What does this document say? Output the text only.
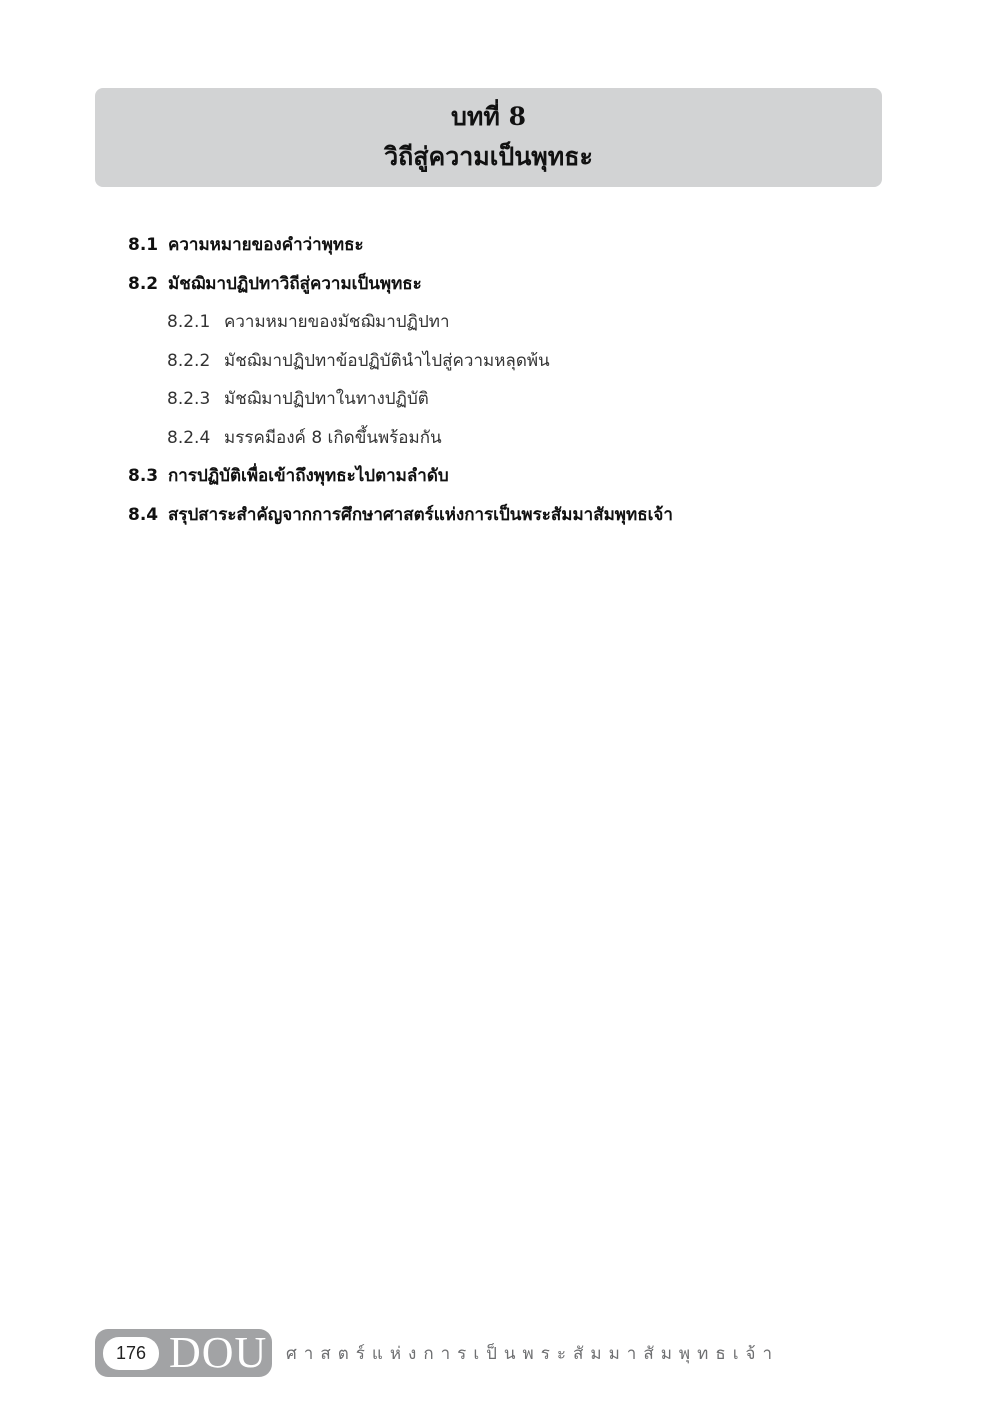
บทที่ 8
วิถีสู่ความเป็นพุทธะ
8.1 ความหมายของคำว่าพุทธะ
8.2 มัชฌิมาปฏิปทาวิถีสู่ความเป็นพุทธะ
8.2.1 ความหมายของมัชฌิมาปฏิปทา
8.2.2 มัชฌิมาปฏิปทาข้อปฏิบัตินำไปสู่ความหลุดพ้น
8.2.3 มัชฌิมาปฏิปทาในทางปฏิบัติ
8.2.4 มรรคมีองค์ 8 เกิดขึ้นพร้อมกัน
8.3 การปฏิบัติเพื่อเข้าถึงพุทธะไปตามลำดับ
8.4 สรุปสาระสำคัญจากการศึกษาศาสตร์แห่งการเป็นพระสัมมาสัมพุทธเจ้า
176 DOU ศาสตร์แห่งการเป็นพระสัมมาสัมพุทธเจ้า
